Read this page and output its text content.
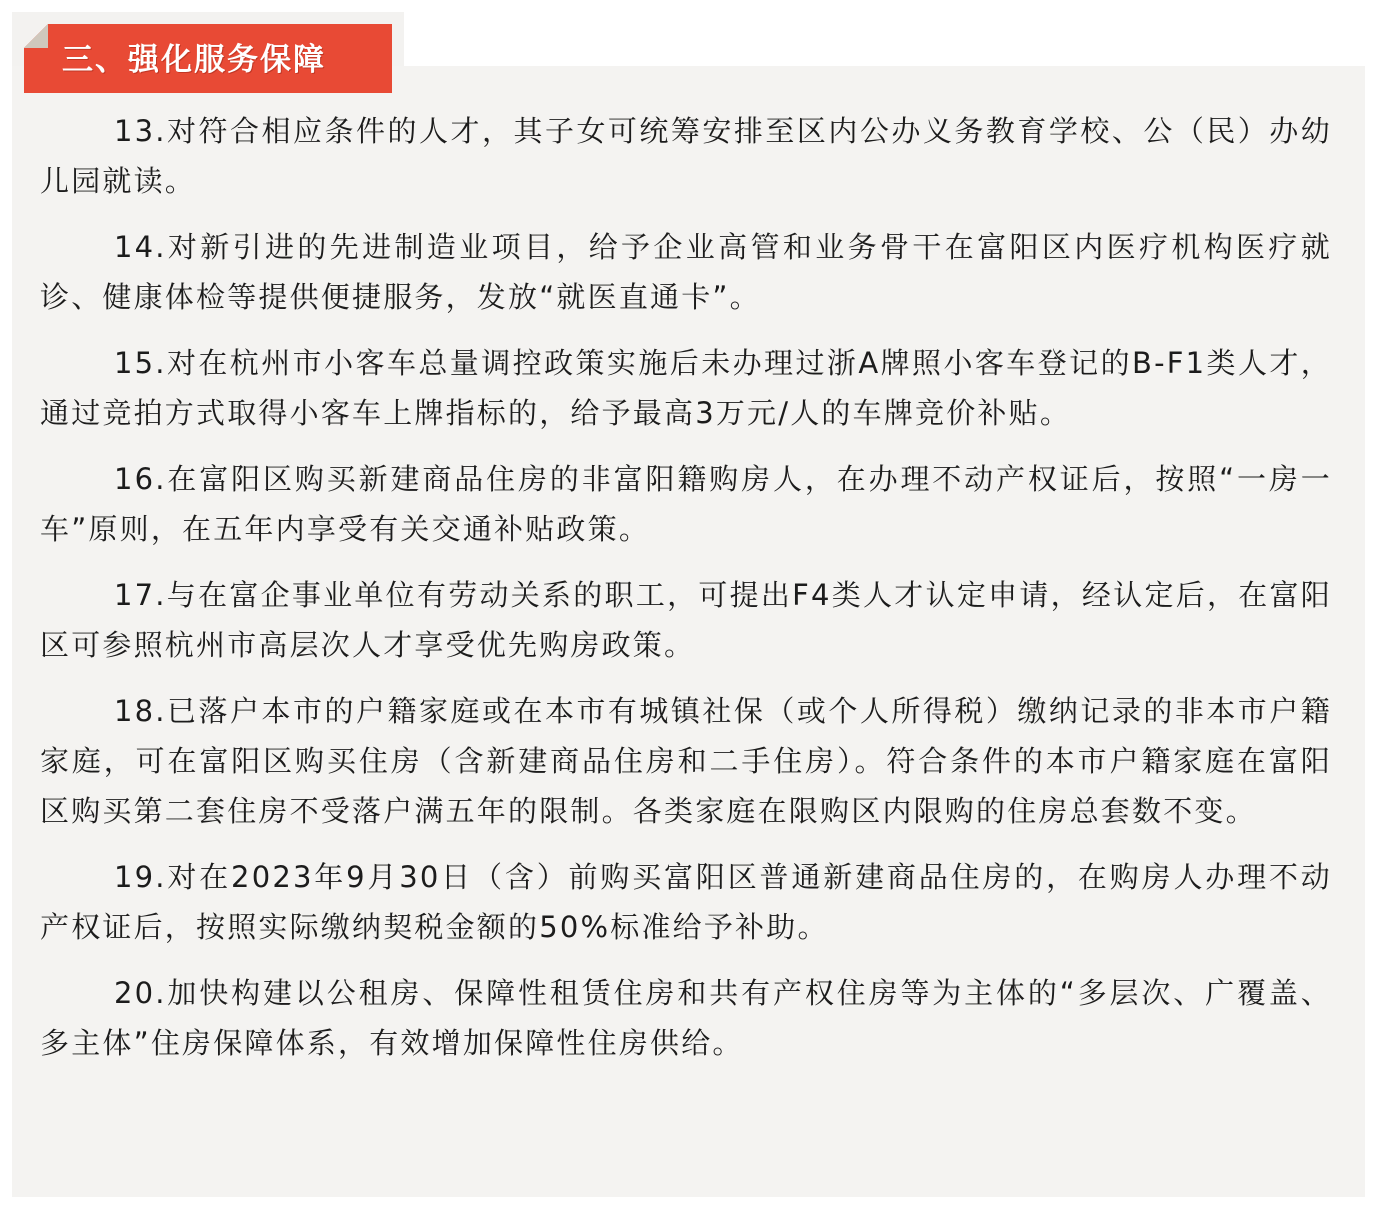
三、强化服务保障

13.对符合相应条件的人才，其子女可统筹安排至区内公办义务教育学校、公（民）办幼儿园就读。

14.对新引进的先进制造业项目，给予企业高管和业务骨干在富阳区内医疗机构医疗就诊、健康体检等提供便捷服务，发放“就医直通卡”。

15.对在杭州市小客车总量调控政策实施后未办理过浙A牌照小客车登记的B-F1类人才，通过竞拍方式取得小客车上牌指标的，给予最高3万元/人的车牌竞价补贴。

16.在富阳区购买新建商品住房的非富阳籍购房人，在办理不动产权证后，按照“一房一车”原则，在五年内享受有关交通补贴政策。

17.与在富企事业单位有劳动关系的职工，可提出F4类人才认定申请，经认定后，在富阳区可参照杭州市高层次人才享受优先购房政策。

18.已落户本市的户籍家庭或在本市有城镇社保（或个人所得税）缴纳记录的非本市户籍家庭，可在富阳区购买住房（含新建商品住房和二手住房）。符合条件的本市户籍家庭在富阳区购买第二套住房不受落户满五年的限制。各类家庭在限购区内限购的住房总套数不变。

19.对在2023年9月30日（含）前购买富阳区普通新建商品住房的，在购房人办理不动产权证后，按照实际缴纳契税金额的50%标准给予补助。

20.加快构建以公租房、保障性租赁住房和共有产权住房等为主体的“多层次、广覆盖、多主体”住房保障体系，有效增加保障性住房供给。
